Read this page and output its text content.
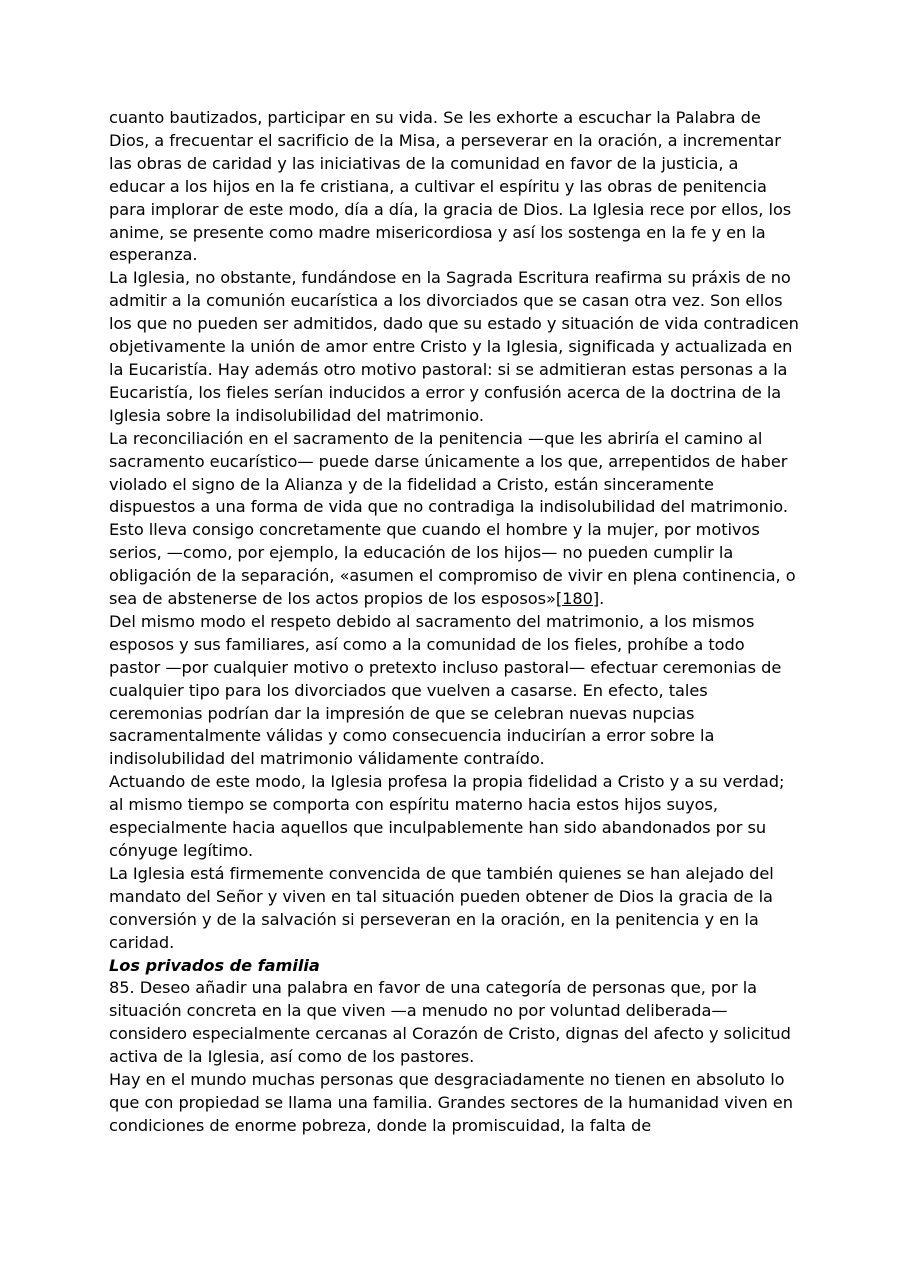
cuanto bautizados, participar en su vida. Se les exhorte a escuchar la Palabra de Dios, a frecuentar el sacrificio de la Misa, a perseverar en la oración, a incrementar las obras de caridad y las iniciativas de la comunidad en favor de la justicia, a educar a los hijos en la fe cristiana, a cultivar el espíritu y las obras de penitencia para implorar de este modo, día a día, la gracia de Dios. La Iglesia rece por ellos, los anime, se presente como madre misericordiosa y así los sostenga en la fe y en la esperanza.

La Iglesia, no obstante, fundándose en la Sagrada Escritura reafirma su práxis de no admitir a la comunión eucarística a los divorciados que se casan otra vez. Son ellos los que no pueden ser admitidos, dado que su estado y situación de vida contradicen objetivamente la unión de amor entre Cristo y la Iglesia, significada y actualizada en la Eucaristía. Hay además otro motivo pastoral: si se admitieran estas personas a la Eucaristía, los fieles serían inducidos a error y confusión acerca de la doctrina de la Iglesia sobre la indisolubilidad del matrimonio.

La reconciliación en el sacramento de la penitencia —que les abriría el camino al sacramento eucarístico— puede darse únicamente a los que, arrepentidos de haber violado el signo de la Alianza y de la fidelidad a Cristo, están sinceramente dispuestos a una forma de vida que no contradiga la indisolubilidad del matrimonio. Esto lleva consigo concretamente que cuando el hombre y la mujer, por motivos serios, —como, por ejemplo, la educación de los hijos— no pueden cumplir la obligación de la separación, «asumen el compromiso de vivir en plena continencia, o sea de abstenerse de los actos propios de los esposos»[180].

Del mismo modo el respeto debido al sacramento del matrimonio, a los mismos esposos y sus familiares, así como a la comunidad de los fieles, prohíbe a todo pastor —por cualquier motivo o pretexto incluso pastoral— efectuar ceremonias de cualquier tipo para los divorciados que vuelven a casarse. En efecto, tales ceremonias podrían dar la impresión de que se celebran nuevas nupcias sacramentalmente válidas y como consecuencia inducirían a error sobre la indisolubilidad del matrimonio válidamente contraído.

Actuando de este modo, la Iglesia profesa la propia fidelidad a Cristo y a su verdad; al mismo tiempo se comporta con espíritu materno hacia estos hijos suyos, especialmente hacia aquellos que inculpablemente han sido abandonados por su cónyuge legítimo.

La Iglesia está firmemente convencida de que también quienes se han alejado del mandato del Señor y viven en tal situación pueden obtener de Dios la gracia de la conversión y de la salvación si perseveran en la oración, en la penitencia y en la caridad.

Los privados de familia

85. Deseo añadir una palabra en favor de una categoría de personas que, por la situación concreta en la que viven —a menudo no por voluntad deliberada— considero especialmente cercanas al Corazón de Cristo, dignas del afecto y solicitud activa de la Iglesia, así como de los pastores.

Hay en el mundo muchas personas que desgraciadamente no tienen en absoluto lo que con propiedad se llama una familia. Grandes sectores de la humanidad viven en condiciones de enorme pobreza, donde la promiscuidad, la falta de
